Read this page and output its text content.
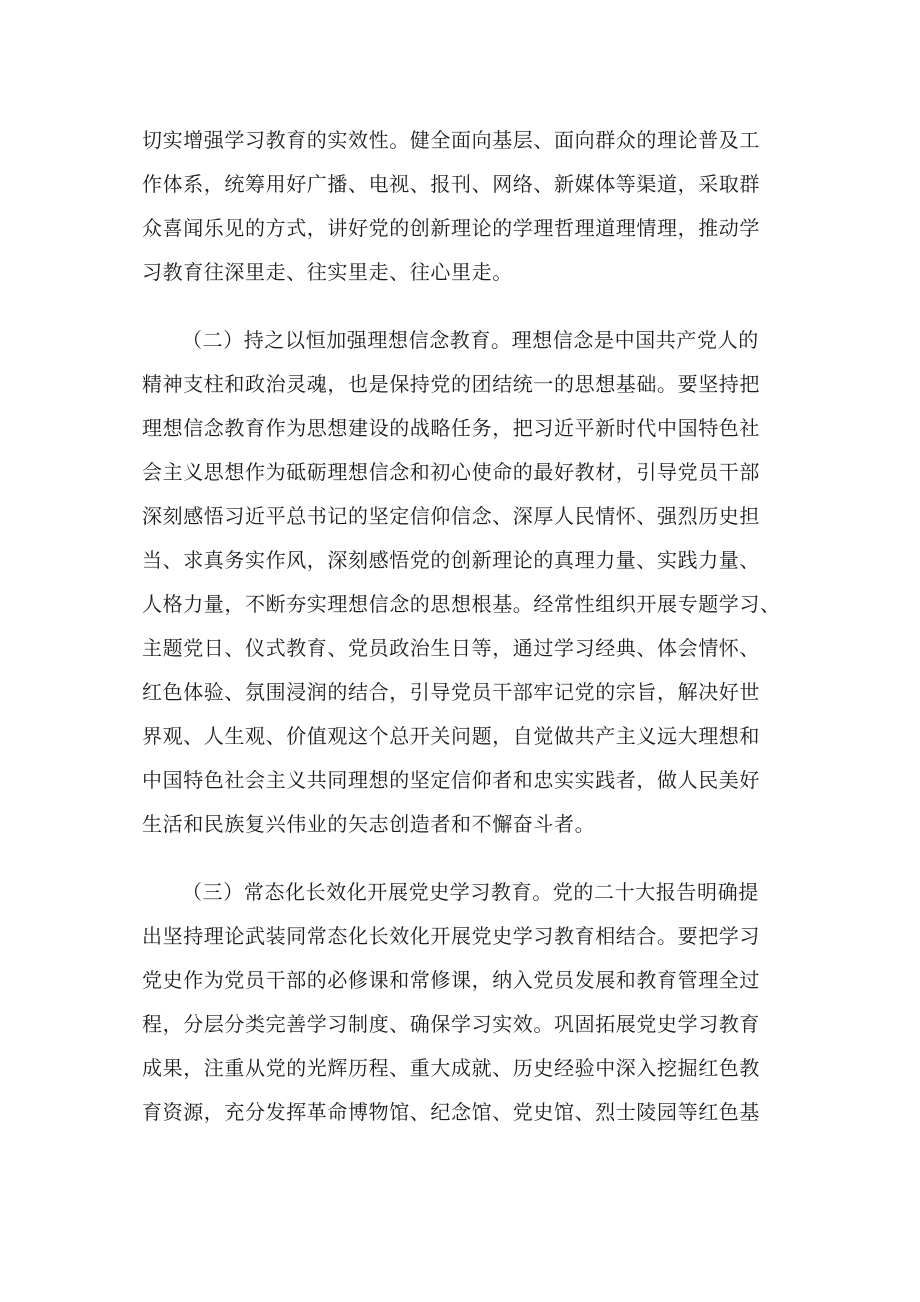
切实增强学习教育的实效性。健全面向基层、面向群众的理论普及工
作体系，统筹用好广播、电视、报刊、网络、新媒体等渠道，采取群
众喜闻乐见的方式，讲好党的创新理论的学理哲理道理情理，推动学
习教育往深里走、往实里走、往心里走。
（二）持之以恒加强理想信念教育。理想信念是中国共产党人的
精神支柱和政治灵魂，也是保持党的团结统一的思想基础。要坚持把
理想信念教育作为思想建设的战略任务，把习近平新时代中国特色社
会主义思想作为砥砺理想信念和初心使命的最好教材，引导党员干部
深刻感悟习近平总书记的坚定信仰信念、深厚人民情怀、强烈历史担
当、求真务实作风，深刻感悟党的创新理论的真理力量、实践力量、
人格力量，不断夯实理想信念的思想根基。经常性组织开展专题学习、
主题党日、仪式教育、党员政治生日等，通过学习经典、体会情怀、
红色体验、氛围浸润的结合，引导党员干部牢记党的宗旨，解决好世
界观、人生观、价值观这个总开关问题，自觉做共产主义远大理想和
中国特色社会主义共同理想的坚定信仰者和忠实实践者，做人民美好
生活和民族复兴伟业的矢志创造者和不懈奋斗者。
（三）常态化长效化开展党史学习教育。党的二十大报告明确提
出坚持理论武装同常态化长效化开展党史学习教育相结合。要把学习
党史作为党员干部的必修课和常修课，纳入党员发展和教育管理全过
程，分层分类完善学习制度、确保学习实效。巩固拓展党史学习教育
成果，注重从党的光辉历程、重大成就、历史经验中深入挖掘红色教
育资源，充分发挥革命博物馆、纪念馆、党史馆、烈士陵园等红色基
